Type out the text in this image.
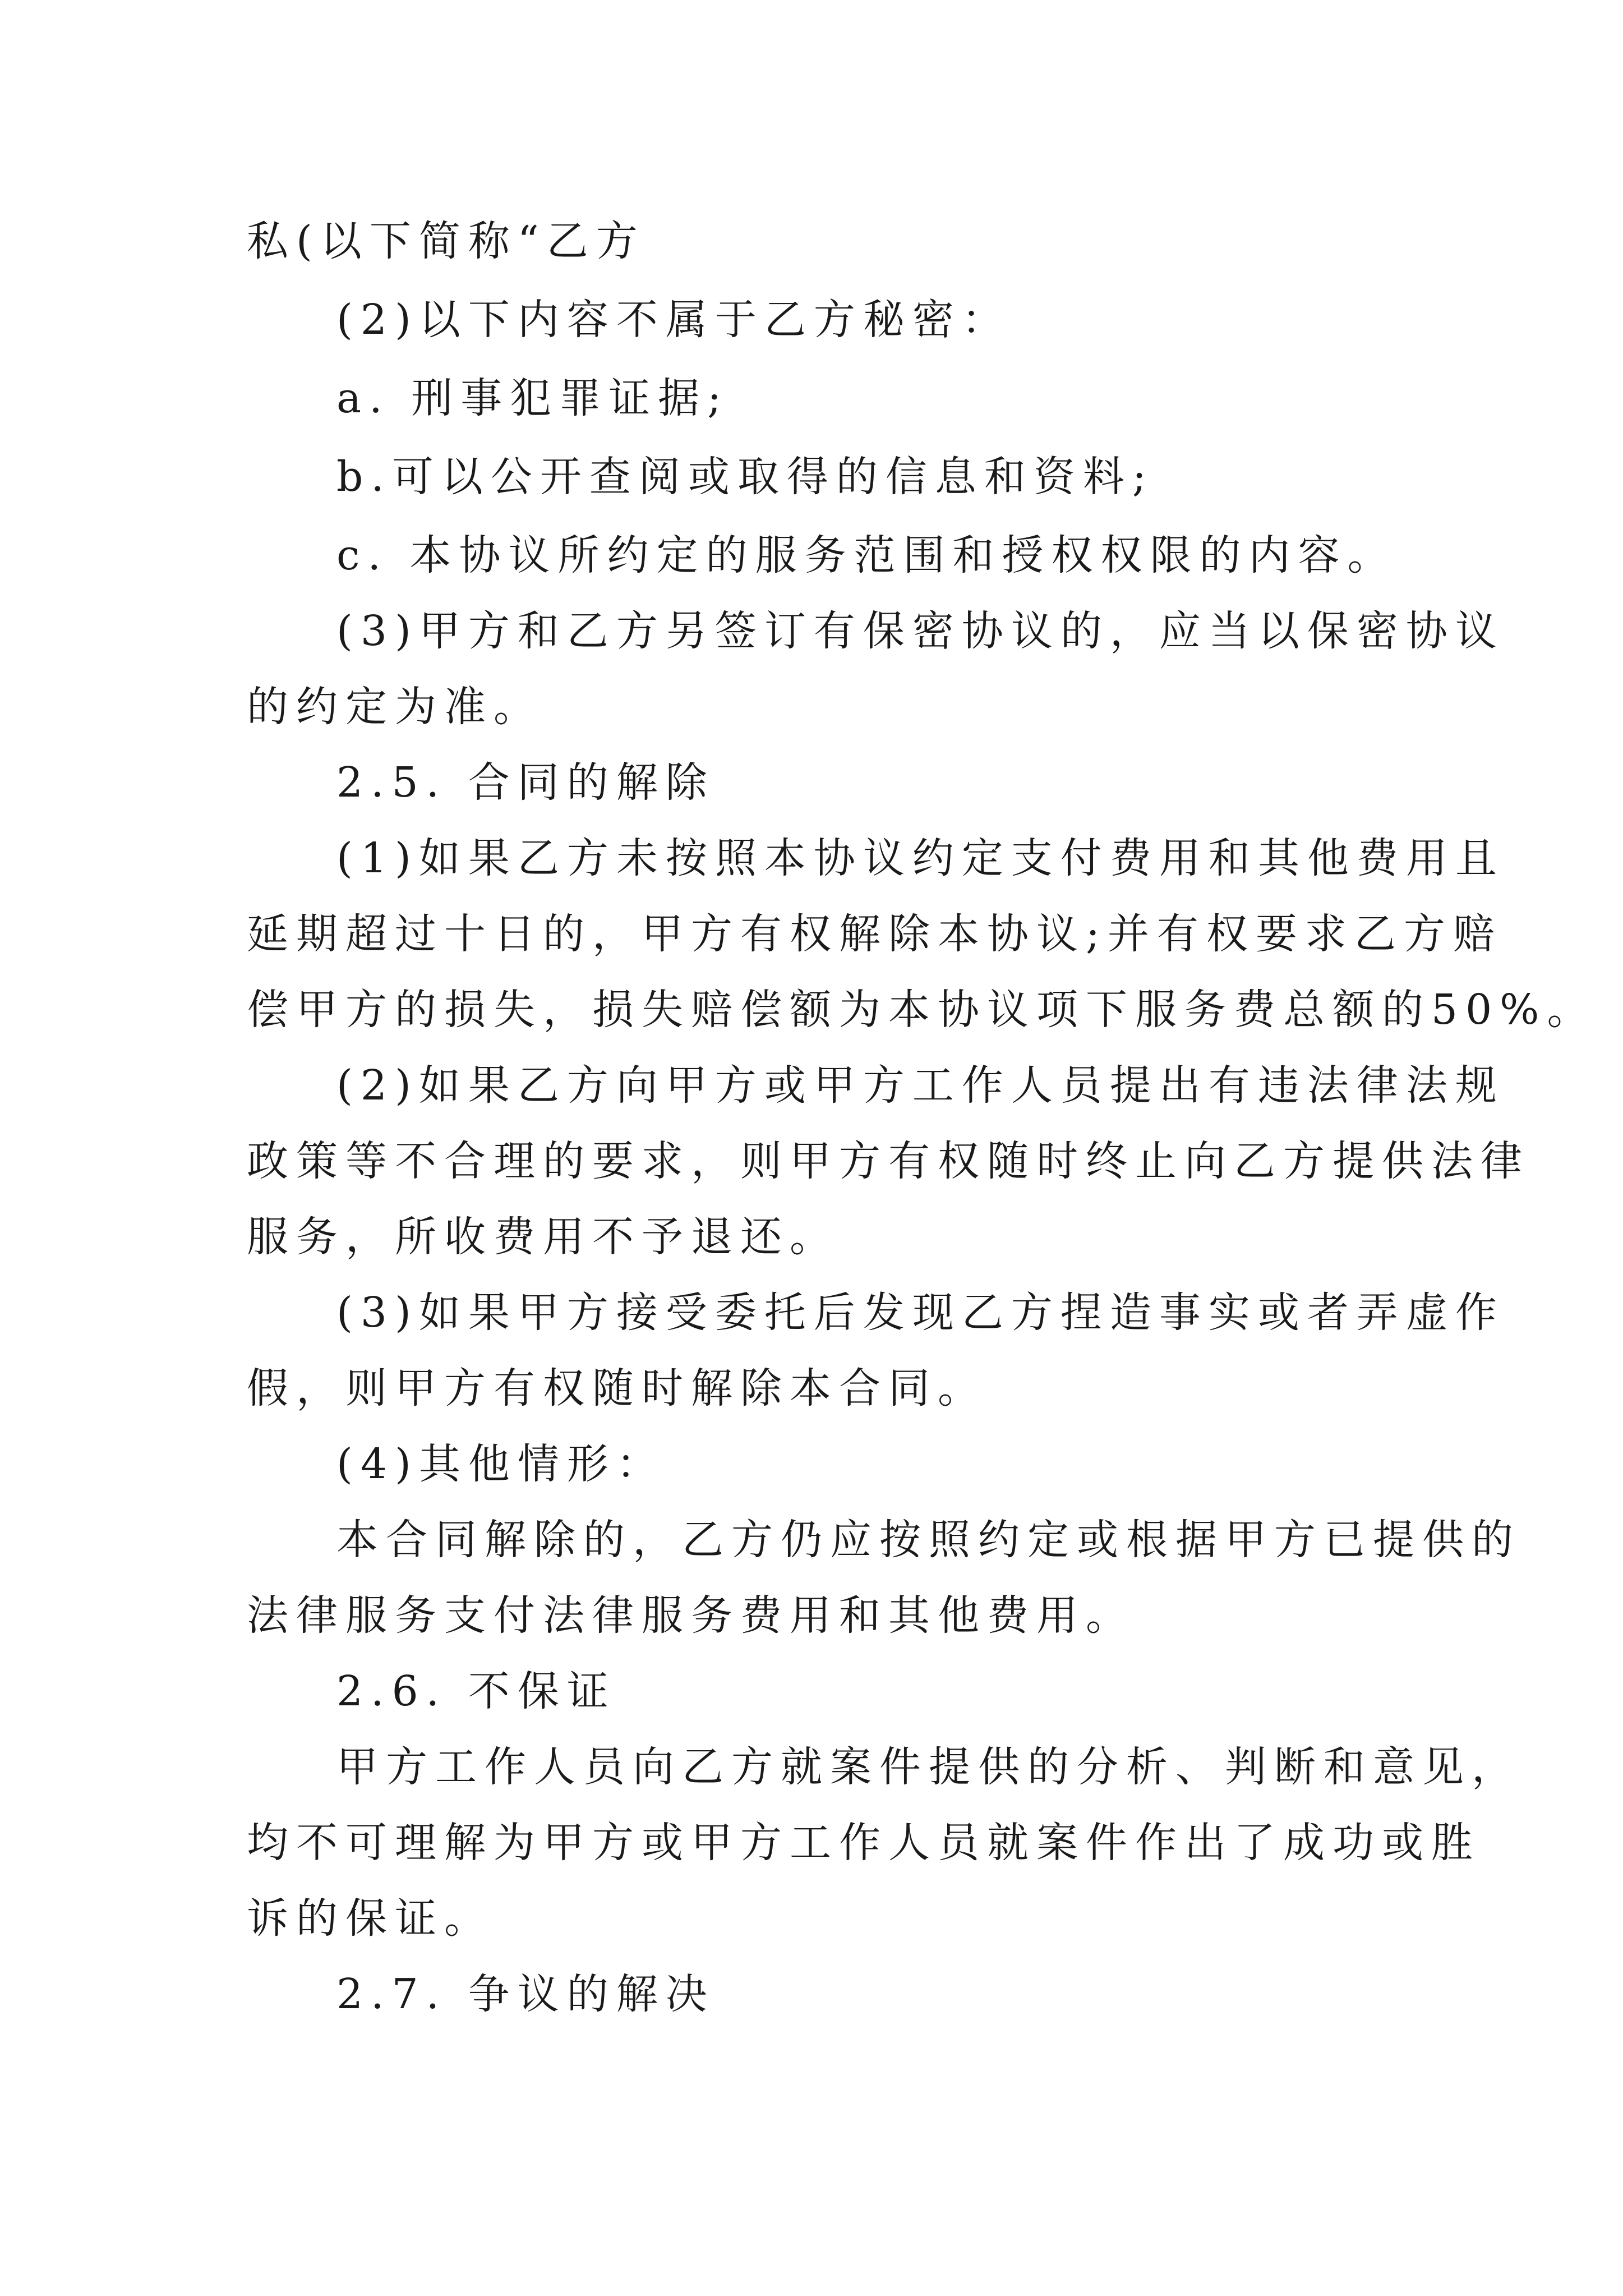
私(以下简称“乙方
(2)以下内容不属于乙方秘密：
a. 刑事犯罪证据;
b.可以公开查阅或取得的信息和资料;
c. 本协议所约定的服务范围和授权权限的内容。
(3)甲方和乙方另签订有保密协议的，应当以保密协议
的约定为准。
2.5. 合同的解除
(1)如果乙方未按照本协议约定支付费用和其他费用且
延期超过十日的，甲方有权解除本协议;并有权要求乙方赔
偿甲方的损失，损失赔偿额为本协议项下服务费总额的50%。
(2)如果乙方向甲方或甲方工作人员提出有违法律法规
政策等不合理的要求，则甲方有权随时终止向乙方提供法律
服务，所收费用不予退还。
(3)如果甲方接受委托后发现乙方捏造事实或者弄虚作
假，则甲方有权随时解除本合同。
(4)其他情形：
本合同解除的，乙方仍应按照约定或根据甲方已提供的
法律服务支付法律服务费用和其他费用。
2.6. 不保证
甲方工作人员向乙方就案件提供的分析、判断和意见，
均不可理解为甲方或甲方工作人员就案件作出了成功或胜
诉的保证。
2.7. 争议的解决
